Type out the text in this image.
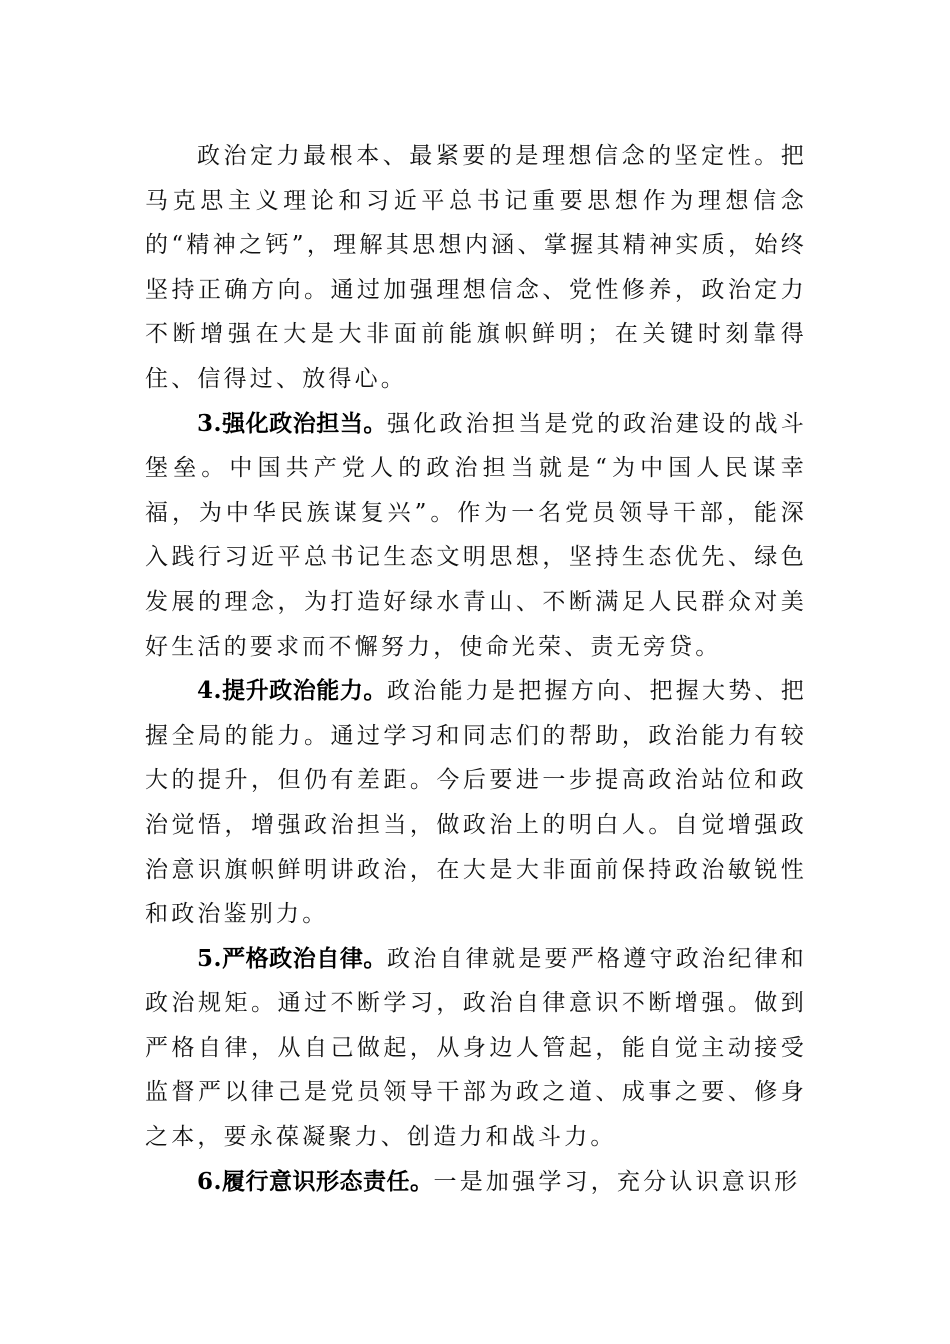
政治定力最根本、最紧要的是理想信念的坚定性。把马克思主义理论和习近平总书记重要思想作为理想信念的“精神之钙”，理解其思想内涵、掌握其精神实质，始终坚持正确方向。通过加强理想信念、党性修养，政治定力不断增强在大是大非面前能旗帜鲜明；在关键时刻靠得住、信得过、放得心。

3.强化政治担当。强化政治担当是党的政治建设的战斗堡垒。中国共产党人的政治担当就是“为中国人民谋幸福，为中华民族谋复兴”。作为一名党员领导干部，能深入践行习近平总书记生态文明思想，坚持生态优先、绿色发展的理念，为打造好绿水青山、不断满足人民群众对美好生活的要求而不懈努力，使命光荣、责无旁贷。

4.提升政治能力。政治能力是把握方向、把握大势、把握全局的能力。通过学习和同志们的帮助，政治能力有较大的提升，但仍有差距。今后要进一步提高政治站位和政治觉悟，增强政治担当，做政治上的明白人。自觉增强政治意识旗帜鲜明讲政治，在大是大非面前保持政治敏锐性和政治鉴别力。

5.严格政治自律。政治自律就是要严格遵守政治纪律和政治规矩。通过不断学习，政治自律意识不断增强。做到严格自律，从自己做起，从身边人管起，能自觉主动接受监督严以律己是党员领导干部为政之道、成事之要、修身之本，要永葆凝聚力、创造力和战斗力。

6.履行意识形态责任。一是加强学习，充分认识意识形
